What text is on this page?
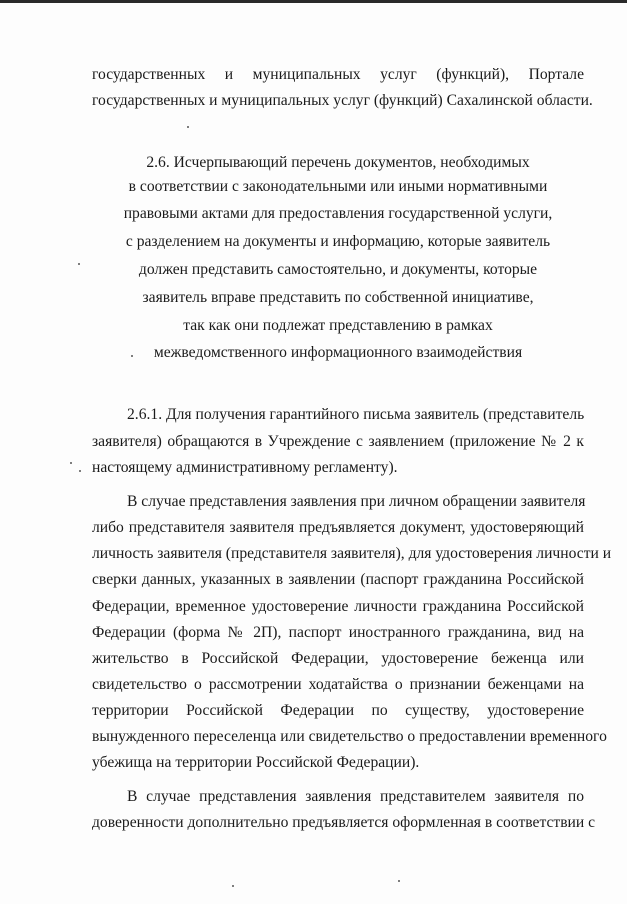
государственных и муниципальных услуг (функций), Портале
государственных и муниципальных услуг (функций) Сахалинской области.
2.6. Исчерпывающий перечень документов, необходимых
в соответствии с законодательными или иными нормативными
правовыми актами для предоставления государственной услуги,
с разделением на документы и информацию, которые заявитель
должен представить самостоятельно, и документы, которые
заявитель вправе представить по собственной инициативе,
так как они подлежат представлению в рамках
межведомственного информационного взаимодействия
2.6.1. Для получения гарантийного письма заявитель (представитель
заявителя) обращаются в Учреждение с заявлением (приложение № 2 к
настоящему административному регламенту).
В случае представления заявления при личном обращении заявителя
либо представителя заявителя предъявляется документ, удостоверяющий
личность заявителя (представителя заявителя), для удостоверения личности и
сверки данных, указанных в заявлении (паспорт гражданина Российской
Федерации, временное удостоверение личности гражданина Российской
Федерации (форма № 2П), паспорт иностранного гражданина, вид на
жительство в Российской Федерации, удостоверение беженца или
свидетельство о рассмотрении ходатайства о признании беженцами на
территории Российской Федерации по существу, удостоверение
вынужденного переселенца или свидетельство о предоставлении временного
убежища на территории Российской Федерации).
В случае представления заявления представителем заявителя по
доверенности дополнительно предъявляется оформленная в соответствии с
